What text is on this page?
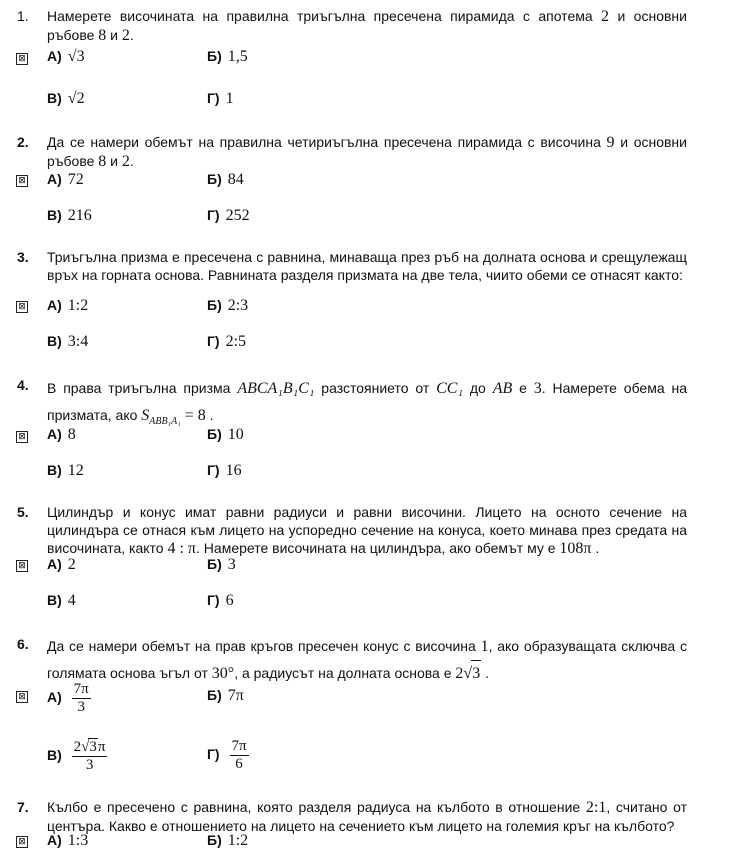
1. Намерете височината на правилна триъгълна пресечена пирамида с апотема 2 и основни ръбове 8 и 2.
⊠ А) √3	Б) 1,5
В) √2	Г) 1
2. Да се намери обемът на правилна четириъгълна пресечена пирамида с височина 9 и основни ръбове 8 и 2.
⊠ А) 72	Б) 84
В) 216	Г) 252
3. Триъгълна призма е пресечена с равнина, минаваща през ръб на долната основа и срещулежащ връх на горната основа. Равнината разделя призмата на две тела, чиито обеми се отнасят както:
⊠ А) 1:2	Б) 2:3
В) 3:4	Г) 2:5
4. В права триъгълна призма ABCA₁B₁C₁ разстоянието от CC₁ до AB е 3. Намерете обема на призмата, ако $S_{ABB_1A_1} = 8$ .
⊠ А) 8	Б) 10
В) 12	Г) 16
5. Цилиндър и конус имат равни радиуси и равни височини. Лицето на осното сечение на цилиндъра се отнася към лицето на успоредно сечение на конуса, което минава през средата на височината, както 4 : π. Намерете височината на цилиндъра, ако обемът му е 108π .
⊠ А) 2	Б) 3
В) 4	Г) 6
6. Да се намери обемът на прав кръгов пресечен конус с височина 1, ако образуващата сключва с голямата основа ъгъл от 30°, а радиусът на долната основа е 2√3 .
⊠ $А) \frac{7\pi}{3}$	Б) 7π
$В) \frac{2√3\pi}{3}$	$Г) \frac{7\pi}{6}$
7. Кълбо е пресечено с равнина, която разделя радиуса на кълбото в отношение 2:1, считано от центъра. Какво е отношението на лицето на сечението към лицето на големия кръг на кълбото?
⊠ А) 1:3	Б) 1:2
